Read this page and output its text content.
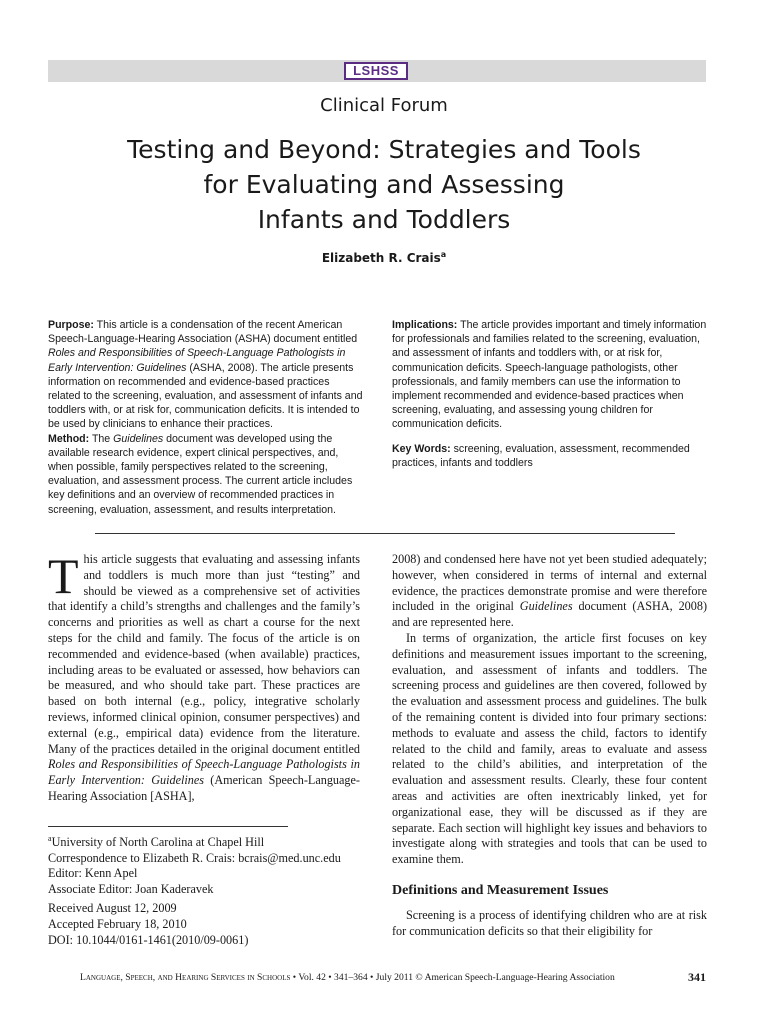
LSHSS
Clinical Forum
Testing and Beyond: Strategies and Tools
for Evaluating and Assessing
Infants and Toddlers
Elizabeth R. Crais$^a$

Purpose: This article is a condensation of the recent American Speech-Language-Hearing Association (ASHA) document entitled Roles and Responsibilities of Speech-Language Pathologists in Early Intervention: Guidelines (ASHA, 2008). The article presents information on recommended and evidence-based practices related to the screening, evaluation, and assessment of infants and toddlers with, or at risk for, communication deficits. It is intended to be used by clinicians to enhance their practices.

Method: The Guidelines document was developed using the available research evidence, expert clinical perspectives, and, when possible, family perspectives related to the screening, evaluation, and assessment process. The current article includes key definitions and an overview of recommended practices in screening, evaluation, assessment, and results interpretation.

Implications: The article provides important and timely information for professionals and families related to the screening, evaluation, and assessment of infants and toddlers with, or at risk for, communication deficits. Speech-language pathologists, other professionals, and family members can use the information to implement recommended and evidence-based practices when screening, evaluating, and assessing young children for communication deficits.

Key Words: screening, evaluation, assessment, recommended practices, infants and toddlers

This article suggests that evaluating and assessing infants and toddlers is much more than just “testing” and should be viewed as a comprehensive set of activities that identify a child’s strengths and challenges and the family’s concerns and priorities as well as chart a course for the next steps for the child and family. The focus of the article is on recommended and evidence-based (when available) practices, including areas to be evaluated or assessed, how behaviors can be measured, and who should take part. These practices are based on both internal (e.g., policy, integrative scholarly reviews, informed clinical opinion, consumer perspectives) and external (e.g., empirical data) evidence from the literature. Many of the practices detailed in the original document entitled Roles and Responsibilities of Speech-Language Pathologists in Early Intervention: Guidelines (American Speech-Language-Hearing Association [ASHA],

$^a$University of North Carolina at Chapel Hill

Correspondence to Elizabeth R. Crais: bcrais@med.unc.edu

Editor: Kenn Apel

Associate Editor: Joan Kaderavek

Received August 12, 2009

Accepted February 18, 2010

DOI: 10.1044/0161-1461(2010/09-0061)

2008) and condensed here have not yet been studied adequately; however, when considered in terms of internal and external evidence, the practices demonstrate promise and were therefore included in the original Guidelines document (ASHA, 2008) and are represented here.

In terms of organization, the article first focuses on key definitions and measurement issues important to the screening, evaluation, and assessment of infants and toddlers. The screening process and guidelines are then covered, followed by the evaluation and assessment process and guidelines. The bulk of the remaining content is divided into four primary sections: methods to evaluate and assess the child, factors to identify related to the child and family, areas to evaluate and assess related to the child’s abilities, and interpretation of the evaluation and assessment results. Clearly, these four content areas and activities are often inextricably linked, yet for organizational ease, they will be discussed as if they are separate. Each section will highlight key issues and behaviors to investigate along with strategies and tools that can be used to examine them.

Definitions and Measurement Issues

Screening is a process of identifying children who are at risk for communication deficits so that their eligibility for

Language, Speech, and Hearing Services in Schools • Vol. 42 • 341–364 • July 2011 © American Speech-Language-Hearing Association	341
